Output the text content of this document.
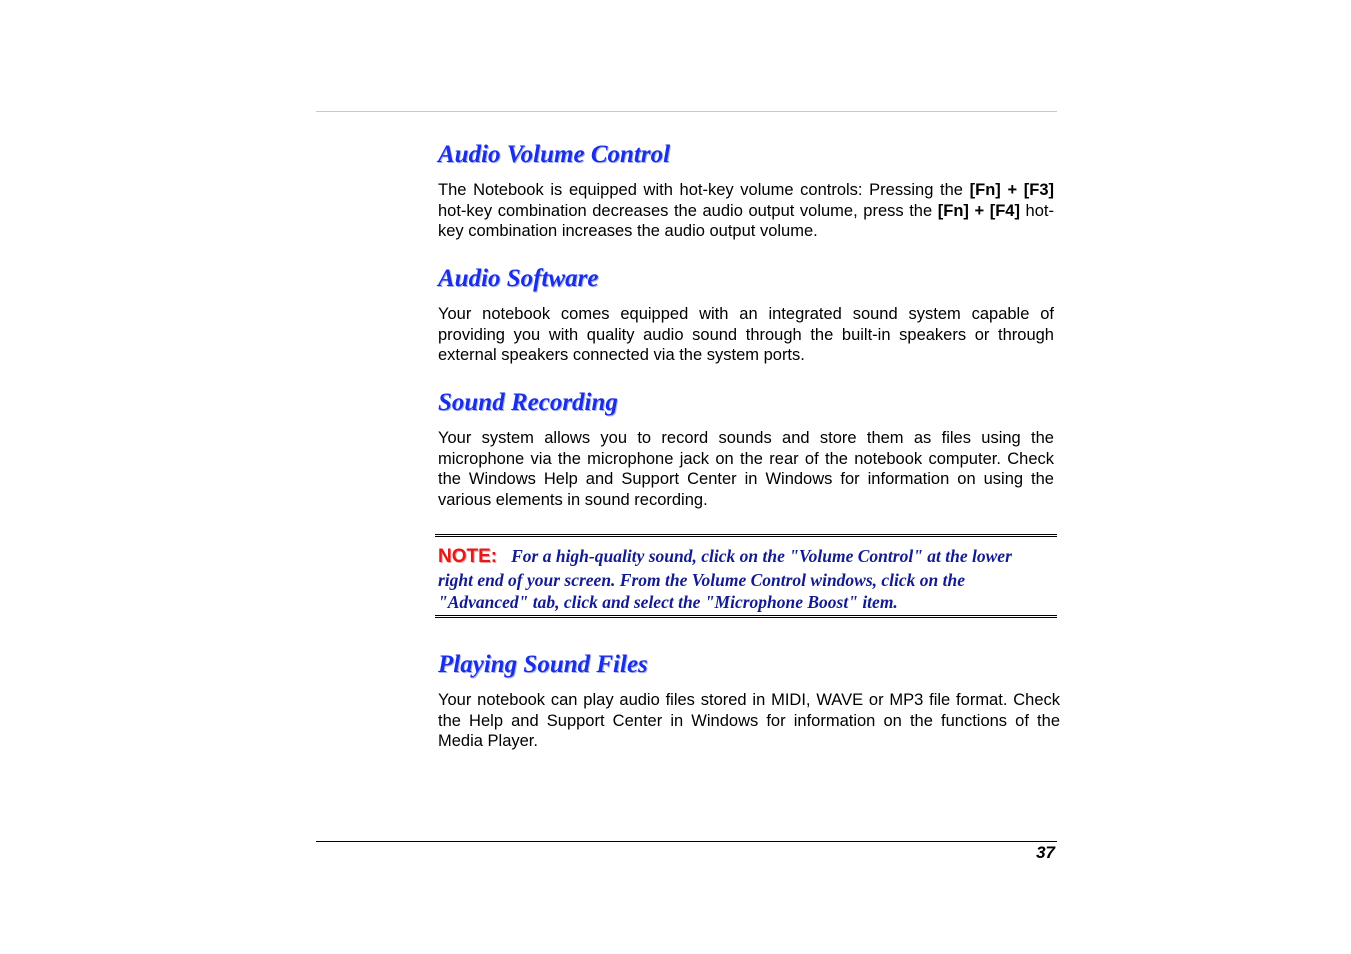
Audio Volume Control

The Notebook is equipped with hot-key volume controls: Pressing the [Fn] + [F3] hot-key combination decreases the audio output volume, press the [Fn] + [F4] hot-key combination increases the audio output volume.

Audio Software

Your notebook comes equipped with an integrated sound system capable of providing you with quality audio sound through the built-in speakers or through external speakers connected via the system ports.

Sound Recording

Your system allows you to record sounds and store them as files using the microphone via the microphone jack on the rear of the notebook computer. Check the Windows Help and Support Center in Windows for information on using the various elements in sound recording.

Playing Sound Files

Your notebook can play audio files stored in MIDI, WAVE or MP3 file format. Check the Help and Support Center in Windows for information on the functions of the Media Player.

NOTE: For a high-quality sound, click on the "Volume Control" at the lower right end of your screen. From the Volume Control windows, click on the "Advanced" tab, click and select the "Microphone Boost" item.

37
